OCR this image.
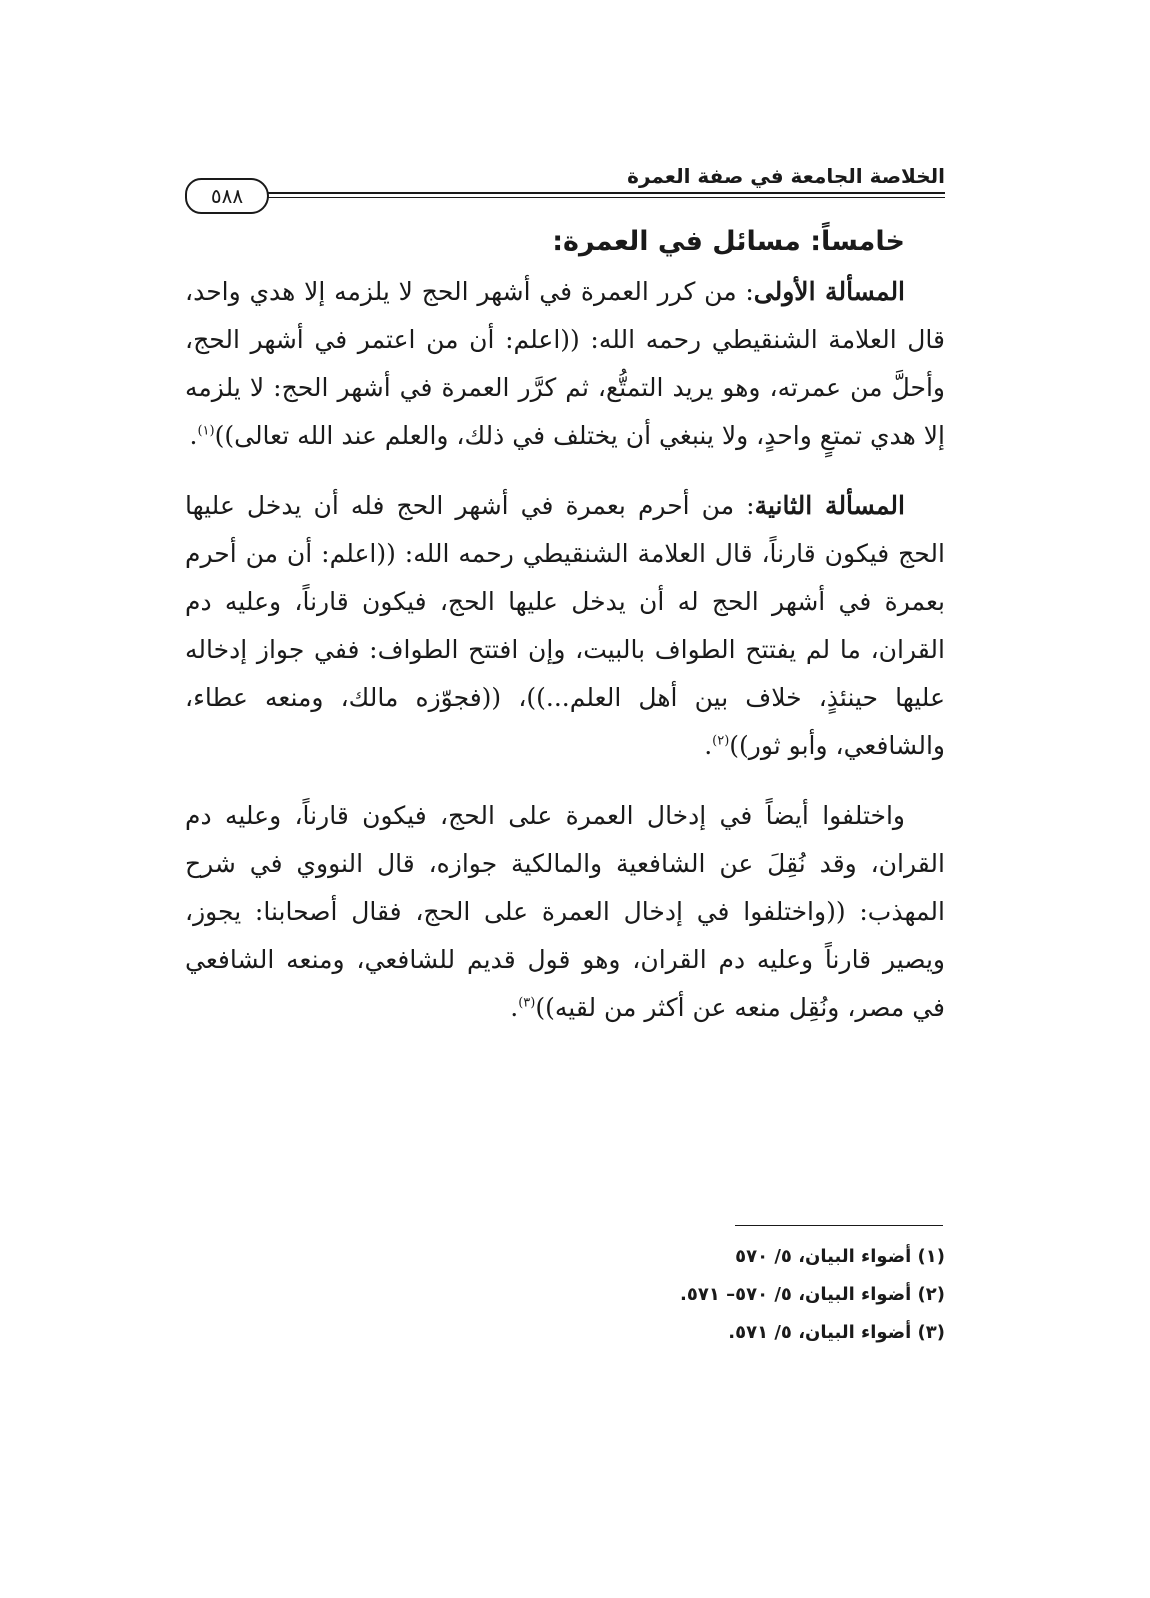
الخلاصة الجامعة في صفة العمرة
٥٨٨
خامساً: مسائل في العمرة:

المسألة الأولى: من كرر العمرة في أشهر الحج لا يلزمه إلا هدي واحد، قال العلامة الشنقيطي رحمه الله: ((اعلم: أن من اعتمر في أشهر الحج، وأحلَّ من عمرته، وهو يريد التمتُّع، ثم كرَّر العمرة في أشهر الحج: لا يلزمه إلا هدي تمتعٍ واحدٍ، ولا ينبغي أن يختلف في ذلك، والعلم عند الله تعالى))$^{(١)}$.

المسألة الثانية: من أحرم بعمرة في أشهر الحج فله أن يدخل عليها الحج فيكون قارناً، قال العلامة الشنقيطي رحمه الله: ((اعلم: أن من أحرم بعمرة في أشهر الحج له أن يدخل عليها الحج، فيكون قارناً، وعليه دم القران، ما لم يفتتح الطواف بالبيت، وإن افتتح الطواف: ففي جواز إدخاله عليها حينئذٍ، خلاف بين أهل العلم...))، ((فجوّزه مالك، ومنعه عطاء، والشافعي، وأبو ثور))$^{(٢)}$.

واختلفوا أيضاً في إدخال العمرة على الحج، فيكون قارناً، وعليه دم القران، وقد نُقِلَ عن الشافعية والمالكية جوازه، قال النووي في شرح المهذب: ((واختلفوا في إدخال العمرة على الحج، فقال أصحابنا: يجوز، ويصير قارناً وعليه دم القران، وهو قول قديم للشافعي، ومنعه الشافعي في مصر، ونُقِل منعه عن أكثر من لقيه))$^{(٣)}$.

(١) أضواء البيان، ٥/ ٥٧٠
(٢) أضواء البيان، ٥/ ٥٧٠– ٥٧١.
(٣) أضواء البيان، ٥/ ٥٧١.
